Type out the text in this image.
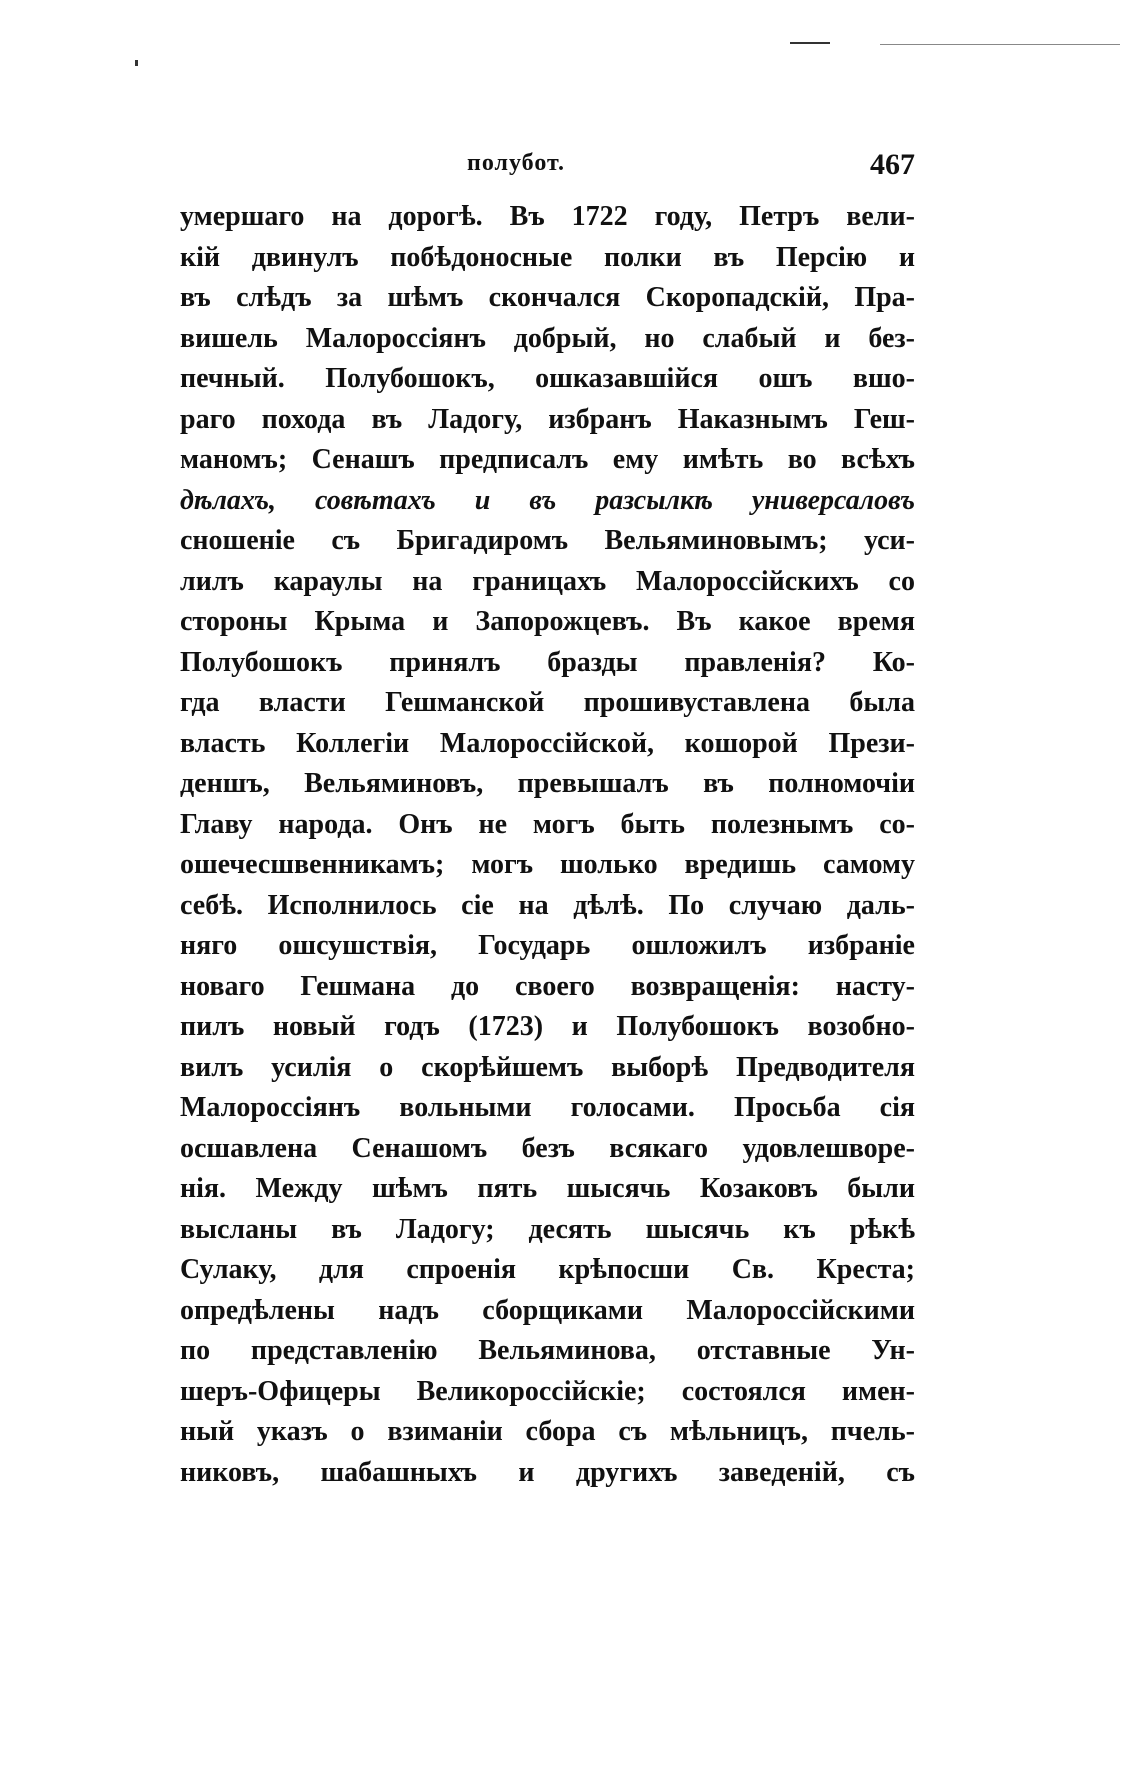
полубот.	467
умершаго на дорогѣ. Въ 1722 году, Петръ вели-
кій двинулъ побѣдоносные полки въ Персію и
въ слѣдъ за шѣмъ скончался Скоропадскій, Пра-
вишель Малороссіянъ добрый, но слабый и без-
печный. Полубошокъ, ошказавшійся ошъ вшо-
раго похода въ Ладогу, избранъ Наказнымъ Геш-
маномъ; Сенашъ предписалъ ему имѣть во всѣхъ
дѣлахъ, совѣтахъ и въ разсылкѣ универсаловъ
сношеніе съ Бригадиромъ Вельяминовымъ; уси-
лилъ караулы на границахъ Малороссійскихъ со
стороны Крыма и Запорожцевъ. Въ какое время
Полубошокъ принялъ бразды правленія? Ко-
гда власти Гешманской прошивуставлена была
власть Коллегіи Малороссійской, кошорой Прези-
деншъ, Вельяминовъ, превышалъ въ полномочіи
Главу народа. Онъ не могъ быть полезнымъ со-
ошечесшвенникамъ; могъ шолько вредишь самому
себѣ. Исполнилось сіе на дѣлѣ. По случаю даль-
няго ошсушствія, Государь ошложилъ избраніе
новаго Гешмана до своего возвращенія: насту-
пилъ новый годъ (1723) и Полубошокъ возобно-
вилъ усилія о скорѣйшемъ выборѣ Предводителя
Малороссіянъ вольными голосами. Просьба сія
осшавлена Сенашомъ безъ всякаго удовлешворе-
нія. Между шѣмъ пять шысячь Козаковъ были
высланы въ Ладогу; десять шысячь къ рѣкѣ
Сулаку, для спроенія крѣпосши Св. Креста;
опредѣлены надъ сборщиками Малороссійскими
по представленію Вельяминова, отставные Ун-
шеръ-Офицеры Великороссійскіе; состоялся имен-
ный указъ о взиманіи сбора съ мѣльницъ, пчель-
никовъ, шабашныхъ и другихъ заведеній, съ
